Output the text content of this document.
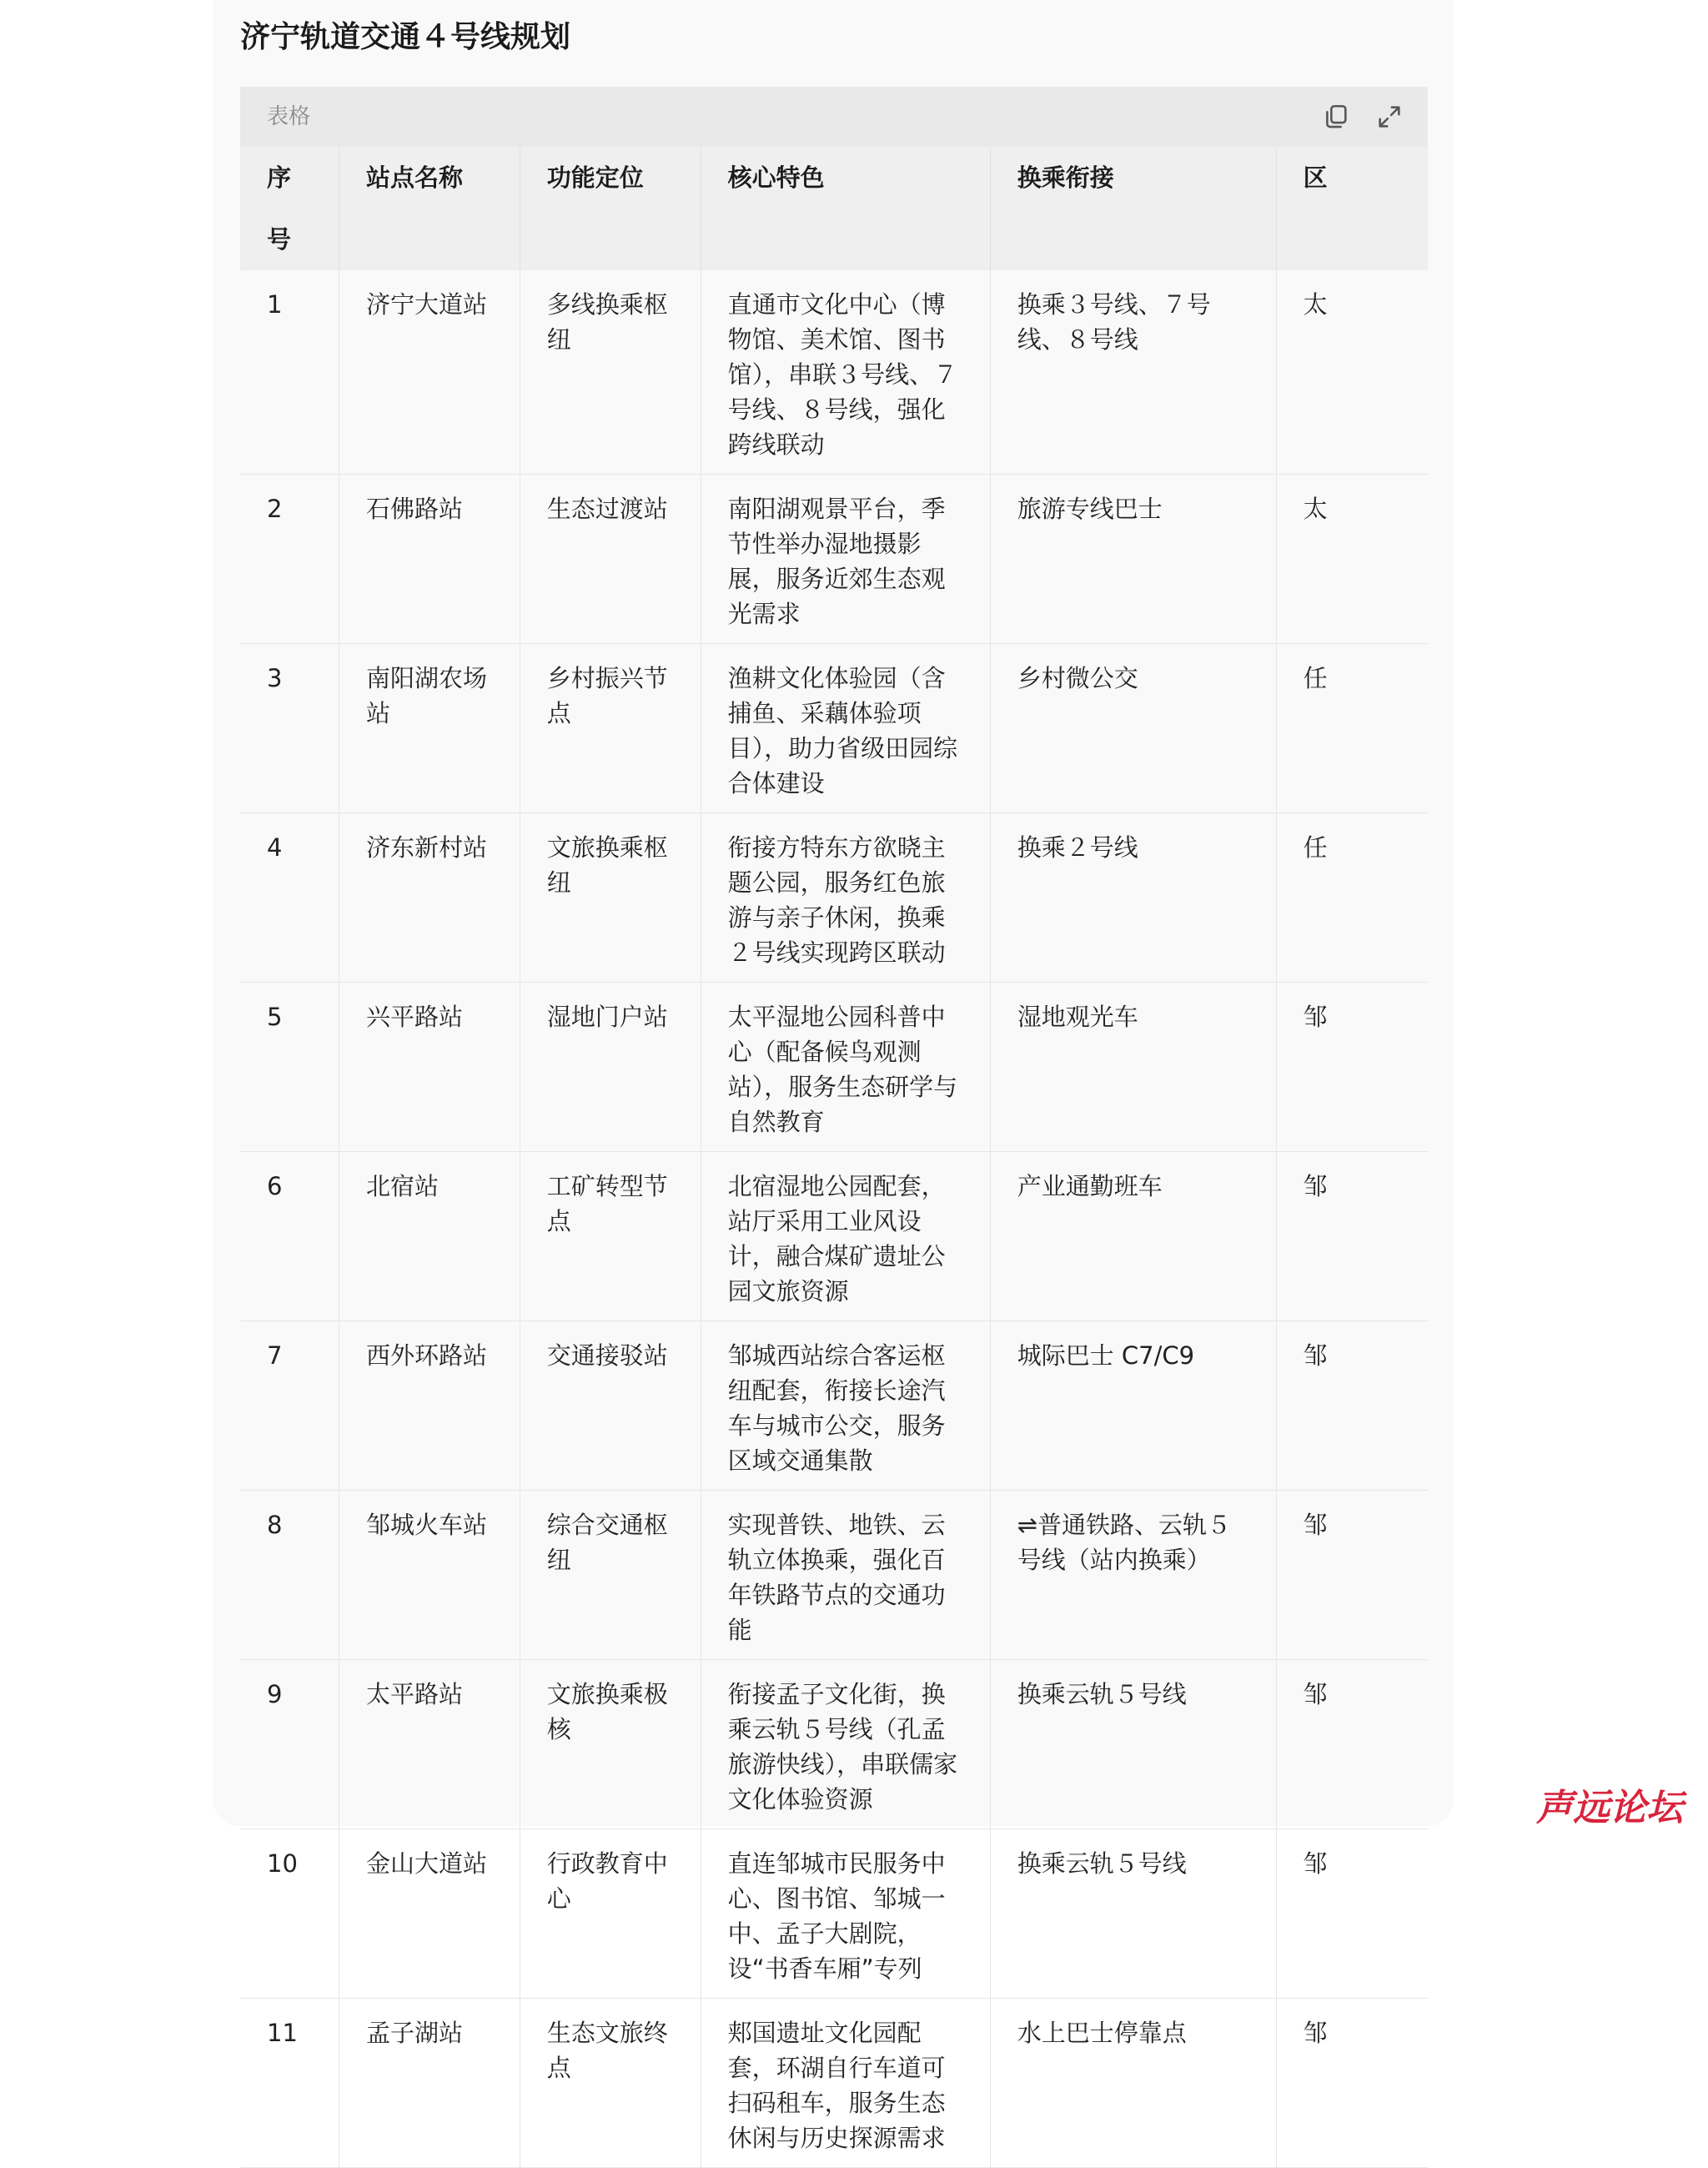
济宁轨道交通４号线规划
表格
序号	站点名称	功能定位	核心特色	换乘衔接	区
1	济宁大道站	多线换乘枢纽	直通市文化中心（博物馆、美术馆、图书馆），串联３号线、７号线、８号线，强化跨线联动	换乘３号线、７号线、８号线	太
2	石佛路站	生态过渡站	南阳湖观景平台，季节性举办湿地摄影展，服务近郊生态观光需求	旅游专线巴士	太
3	南阳湖农场站	乡村振兴节点	渔耕文化体验园（含捕鱼、采藕体验项目），助力省级田园综合体建设	乡村微公交	任
4	济东新村站	文旅换乘枢纽	衔接方特东方欲晓主题公园，服务红色旅游与亲子休闲，换乘２号线实现跨区联动	换乘２号线	任
5	兴平路站	湿地门户站	太平湿地公园科普中心（配备候鸟观测站），服务生态研学与自然教育	湿地观光车	邹
6	北宿站	工矿转型节点	北宿湿地公园配套，站厅采用工业风设计，融合煤矿遗址公园文旅资源	产业通勤班车	邹
7	西外环路站	交通接驳站	邹城西站综合客运枢纽配套，衔接长途汽车与城市公交，服务区域交通集散	城际巴士 C7/C9	邹
8	邹城火车站	综合交通枢纽	实现普铁、地铁、云轨立体换乘，强化百年铁路节点的交通功能	⇌普通铁路、云轨５号线（站内换乘）	邹
9	太平路站	文旅换乘极核	衔接孟子文化街，换乘云轨５号线（孔孟旅游快线），串联儒家文化体验资源	换乘云轨５号线	邹
10	金山大道站	行政教育中心	直连邹城市民服务中心、图书馆、邹城一中、孟子大剧院，设“书香车厢”专列	换乘云轨５号线	邹
11	孟子湖站	生态文旅终点	郏国遗址文化园配套，环湖自行车道可扫码租车，服务生态休闲与历史探源需求	水上巴士停靠点	邹
声远论坛
